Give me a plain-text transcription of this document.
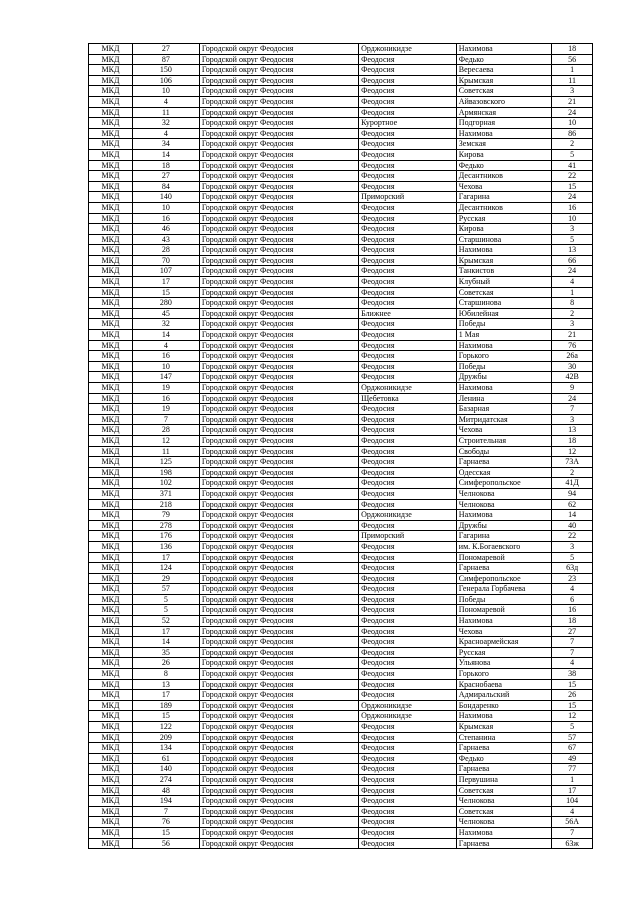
МКД	27	Городской округ Феодосия	Орджоникидзе	Нахимова	18
МКД	87	Городской округ Феодосия	Феодосия	Федько	56
МКД	150	Городской округ Феодосия	Феодосия	Вересаева	1
МКД	106	Городской округ Феодосия	Феодосия	Крымская	11
МКД	10	Городской округ Феодосия	Феодосия	Советская	3
МКД	4	Городской округ Феодосия	Феодосия	Айвазовского	21
МКД	11	Городской округ Феодосия	Феодосия	Армянская	24
МКД	32	Городской округ Феодосия	Курортное	Подгорная	10
МКД	4	Городской округ Феодосия	Феодосия	Нахимова	86
МКД	34	Городской округ Феодосия	Феодосия	Земская	2
МКД	14	Городской округ Феодосия	Феодосия	Кирова	5
МКД	18	Городской округ Феодосия	Феодосия	Федько	41
МКД	27	Городской округ Феодосия	Феодосия	Десантников	22
МКД	84	Городской округ Феодосия	Феодосия	Чехова	15
МКД	140	Городской округ Феодосия	Приморский	Гагарина	24
МКД	10	Городской округ Феодосия	Феодосия	Десантников	16
МКД	16	Городской округ Феодосия	Феодосия	Русская	10
МКД	46	Городской округ Феодосия	Феодосия	Кирова	3
МКД	43	Городской округ Феодосия	Феодосия	Старшинова	5
МКД	28	Городской округ Феодосия	Феодосия	Нахимова	13
МКД	70	Городской округ Феодосия	Феодосия	Крымская	66
МКД	107	Городской округ Феодосия	Феодосия	Танкистов	24
МКД	17	Городской округ Феодосия	Феодосия	Клубный	4
МКД	15	Городской округ Феодосия	Феодосия	Советская	1
МКД	280	Городской округ Феодосия	Феодосия	Старшинова	8
МКД	45	Городской округ Феодосия	Ближнее	Юбилейная	2
МКД	32	Городской округ Феодосия	Феодосия	Победы	3
МКД	14	Городской округ Феодосия	Феодосия	1 Мая	21
МКД	4	Городской округ Феодосия	Феодосия	Нахимова	76
МКД	16	Городской округ Феодосия	Феодосия	Горького	26а
МКД	10	Городской округ Феодосия	Феодосия	Победы	30
МКД	147	Городской округ Феодосия	Феодосия	Дружбы	42В
МКД	19	Городской округ Феодосия	Орджоникидзе	Нахимова	9
МКД	16	Городской округ Феодосия	Щебетовка	Ленина	24
МКД	19	Городской округ Феодосия	Феодосия	Базарная	7
МКД	7	Городской округ Феодосия	Феодосия	Митридатская	3
МКД	28	Городской округ Феодосия	Феодосия	Чехова	13
МКД	12	Городской округ Феодосия	Феодосия	Строительная	18
МКД	11	Городской округ Феодосия	Феодосия	Свободы	12
МКД	125	Городской округ Феодосия	Феодосия	Гарнаева	73А
МКД	198	Городской округ Феодосия	Феодосия	Одесская	2
МКД	102	Городской округ Феодосия	Феодосия	Симферопольское	41Д
МКД	371	Городской округ Феодосия	Феодосия	Челнокова	94
МКД	218	Городской округ Феодосия	Феодосия	Челнокова	62
МКД	79	Городской округ Феодосия	Орджоникидзе	Нахимова	14
МКД	278	Городской округ Феодосия	Феодосия	Дружбы	40
МКД	176	Городской округ Феодосия	Приморский	Гагарина	22
МКД	136	Городской округ Феодосия	Феодосия	им. К.Богаевского	3
МКД	17	Городской округ Феодосия	Феодосия	Пономаревой	5
МКД	124	Городской округ Феодосия	Феодосия	Гарнаева	63д
МКД	29	Городской округ Феодосия	Феодосия	Симферопольское	23
МКД	57	Городской округ Феодосия	Феодосия	Генерала Горбачева	4
МКД	5	Городской округ Феодосия	Феодосия	Победы	6
МКД	5	Городской округ Феодосия	Феодосия	Пономаревой	16
МКД	52	Городской округ Феодосия	Феодосия	Нахимова	18
МКД	17	Городской округ Феодосия	Феодосия	Чехова	27
МКД	14	Городской округ Феодосия	Феодосия	Красноармейская	7
МКД	35	Городской округ Феодосия	Феодосия	Русская	7
МКД	26	Городской округ Феодосия	Феодосия	Ульянова	4
МКД	8	Городской округ Феодосия	Феодосия	Горького	38
МКД	13	Городской округ Феодосия	Феодосия	Краснобаева	15
МКД	17	Городской округ Феодосия	Феодосия	Адмиральский	26
МКД	189	Городской округ Феодосия	Орджоникидзе	Бондаренко	15
МКД	15	Городской округ Феодосия	Орджоникидзе	Нахимова	12
МКД	122	Городской округ Феодосия	Феодосия	Крымская	5
МКД	209	Городской округ Феодосия	Феодосия	Степанина	57
МКД	134	Городской округ Феодосия	Феодосия	Гарнаева	67
МКД	61	Городской округ Феодосия	Феодосия	Федько	49
МКД	140	Городской округ Феодосия	Феодосия	Гарнаева	77
МКД	274	Городской округ Феодосия	Феодосия	Первушина	1
МКД	48	Городской округ Феодосия	Феодосия	Советская	17
МКД	194	Городской округ Феодосия	Феодосия	Челнокова	104
МКД	7	Городской округ Феодосия	Феодосия	Советская	4
МКД	76	Городской округ Феодосия	Феодосия	Челнокова	56А
МКД	15	Городской округ Феодосия	Феодосия	Нахимова	7
МКД	56	Городской округ Феодосия	Феодосия	Гарнаева	63ж
